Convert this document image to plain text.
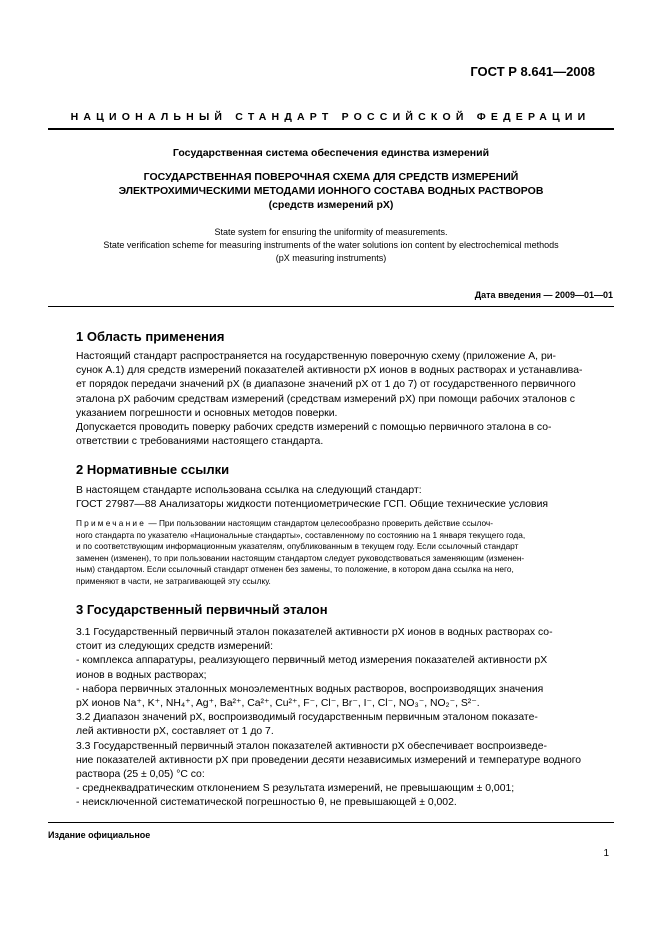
ГОСТ Р 8.641—2008
НАЦИОНАЛЬНЫЙ СТАНДАРТ РОССИЙСКОЙ ФЕДЕРАЦИИ
Государственная система обеспечения единства измерений
ГОСУДАРСТВЕННАЯ ПОВЕРОЧНАЯ СХЕМА ДЛЯ СРЕДСТВ ИЗМЕРЕНИЙ
ЭЛЕКТРОХИМИЧЕСКИМИ МЕТОДАМИ ИОННОГО СОСТАВА ВОДНЫХ РАСТВОРОВ
(средств измерений pX)
State system for ensuring the uniformity of measurements.
State verification scheme for measuring instruments of the water solutions ion content by electrochemical methods
(pX measuring instruments)
Дата введения — 2009—01—01
1 Область применения
Настоящий стандарт распространяется на государственную поверочную схему (приложение А, ри-
сунок А.1) для средств измерений показателей активности pX ионов в водных растворах и устанавлива-
ет порядок передачи значений pX (в диапазоне значений pX от 1 до 7) от государственного первичного
эталона pX рабочим средствам измерений (средствам измерений pX) при помощи рабочих эталонов с
указанием погрешности и основных методов поверки.
Допускается проводить поверку рабочих средств измерений с помощью первичного эталона в со-
ответствии с требованиями настоящего стандарта.
2 Нормативные ссылки
В настоящем стандарте использована ссылка на следующий стандарт:
ГОСТ 27987—88 Анализаторы жидкости потенциометрические ГСП. Общие технические условия
Примечание — При пользовании настоящим стандартом целесообразно проверить действие ссылоч-
ного стандарта по указателю «Национальные стандарты», составленному по состоянию на 1 января текущего года,
и по соответствующим информационным указателям, опубликованным в текущем году. Если ссылочный стандарт
заменен (изменен), то при пользовании настоящим стандартом следует руководствоваться заменяющим (изменен-
ным) стандартом. Если ссылочный стандарт отменен без замены, то положение, в котором дана ссылка на него,
применяют в части, не затрагивающей эту ссылку.
3 Государственный первичный эталон
3.1 Государственный первичный эталон показателей активности pX ионов в водных растворах со-
стоит из следующих средств измерений:
- комплекса аппаратуры, реализующего первичный метод измерения показателей активности pX
ионов в водных растворах;
- набора первичных эталонных моноэлементных водных растворов, воспроизводящих значения
pX ионов Na⁺, K⁺, NH₄⁺, Ag⁺, Ba²⁺, Ca²⁺, Cu²⁺, F⁻, Cl⁻, Br⁻, I⁻, Cl⁻, NO₃⁻, NO₂⁻, S²⁻.
3.2 Диапазон значений pX, воспроизводимый государственным первичным эталоном показате-
лей активности pX, составляет от 1 до 7.
3.3 Государственный первичный эталон показателей активности pX обеспечивает воспроизведе-
ние показателей активности pX при проведении десяти независимых измерений и температуре водного
раствора (25 ± 0,05) °С со:
- среднеквадратическим отклонением S результата измерений, не превышающим ± 0,001;
- неисключенной систематической погрешностью θ, не превышающей ± 0,002.
Издание официальное
1
